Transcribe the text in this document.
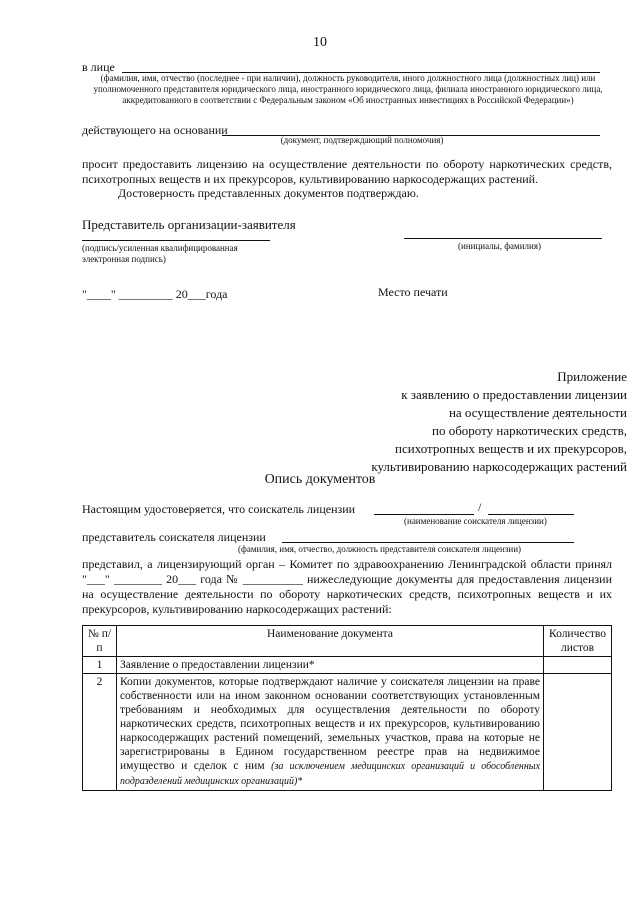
10
в лице
(фамилия, имя, отчество (последнее - при наличии), должность руководителя, иного должностного лица (должностных лиц) или уполномоченного представителя юридического лица, иностранного юридического лица, филиала иностранного юридического лица, аккредитованного в соответствии с Федеральным законом «Об иностранных инвестициях в Российской Федерации»)
действующего на основании
(документ, подтверждающий полномочия)
просит предоставить лицензию на осуществление деятельности по обороту наркотических средств, психотропных веществ и их прекурсоров, культивированию наркосодержащих растений.
Достоверность представленных документов подтверждаю.
Представитель организации-заявителя
(подпись/усиленная квалифицированная электронная подпись)
(инициалы, фамилия)
"____" _________ 20___года	Место печати
Приложение
к заявлению о предоставлении лицензии
на осуществление деятельности
по обороту наркотических средств,
психотропных веществ и их прекурсоров,
культивированию наркосодержащих растений
Опись документов
Настоящим удостоверяется, что соискатель лицензии	/
(наименование соискателя лицензии)
представитель соискателя лицензии
(фамилия, имя, отчество, должность представителя соискателя лицензии)
представил, а лицензирующий орган – Комитет по здравоохранению Ленинградской области принял "___" ________ 20___ года № __________ нижеследующие документы для предоставления лицензии на осуществление деятельности по обороту наркотических средств, психотропных веществ и их прекурсоров, культивированию наркосодержащих растений:
№ п/п	Наименование документа	Количество листов
1	Заявление о предоставлении лицензии*	
2	Копии документов, которые подтверждают наличие у соискателя лицензии на праве собственности или на ином законном основании соответствующих установленным требованиям и необходимых для осуществления деятельности по обороту наркотических средств, психотропных веществ и их прекурсоров, культивированию наркосодержащих растений помещений, земельных участков, права на которые не зарегистрированы в Едином государственном реестре прав на недвижимое имущество и сделок с ним (за исключением медицинских организаций и обособленных подразделений медицинских организаций)*	
